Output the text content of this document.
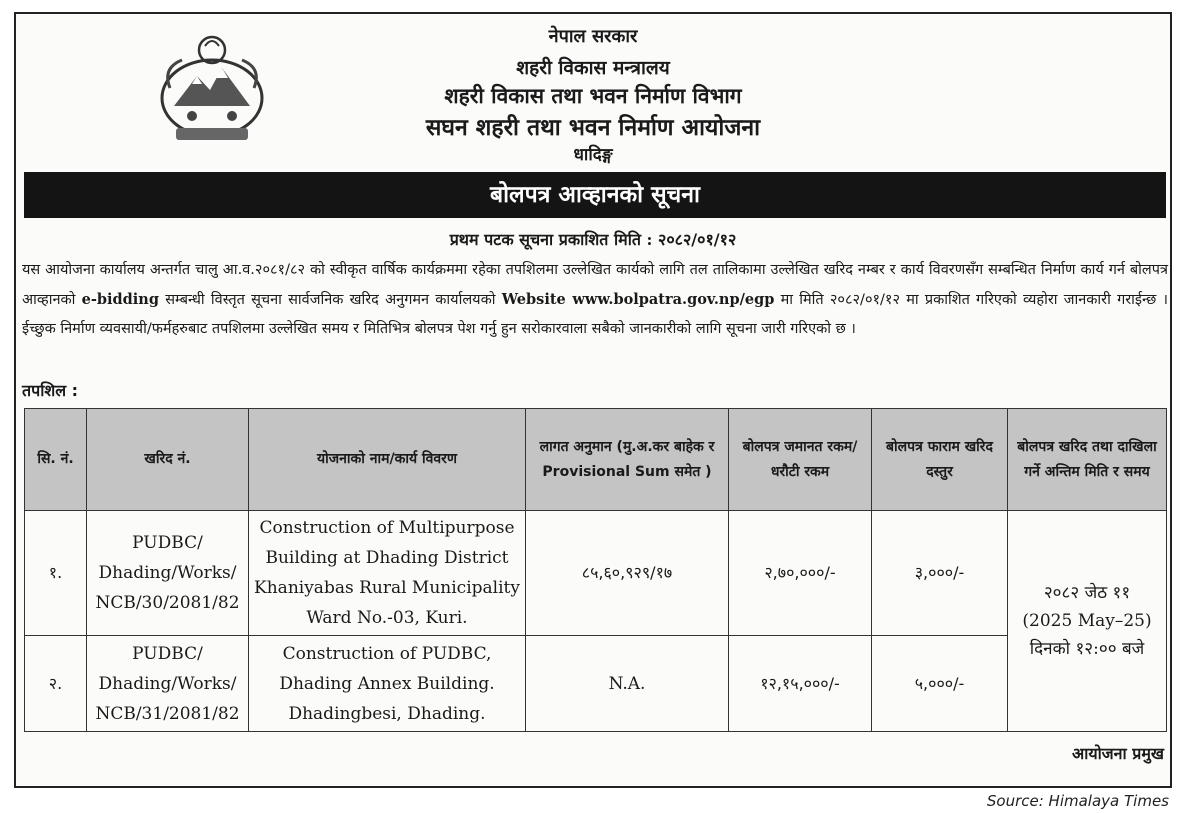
नेपाल सरकार
शहरी विकास मन्त्रालय
शहरी विकास तथा भवन निर्माण विभाग
सघन शहरी तथा भवन निर्माण आयोजना
धादिङ्ग
बोलपत्र आव्हानको सूचना
प्रथम पटक सूचना प्रकाशित मिति : २०८२/०१/१२
यस आयोजना कार्यालय अन्तर्गत चालु आ.व.२०८१/८२ को स्वीकृत वार्षिक कार्यक्रममा रहेका तपशिलमा उल्लेखित कार्यको लागि तल तालिकामा उल्लेखित खरिद नम्बर र कार्य विवरणसँग सम्बन्धित निर्माण कार्य गर्न बोलपत्र आव्हानको e-bidding सम्बन्धी विस्तृत सूचना सार्वजनिक खरिद अनुगमन कार्यालयको Website www.bolpatra.gov.np/egp मा मिति २०८२/०१/१२ मा प्रकाशित गरिएको व्यहोरा जानकारी गराईन्छ । ईच्छुक निर्माण व्यवसायी/फर्महरुबाट तपशिलमा उल्लेखित समय र मितिभित्र बोलपत्र पेश गर्नु हुन सरोकारवाला सबैको जानकारीको लागि सूचना जारी गरिएको छ ।
तपशिल :
सि. नं.	खरिद नं.	योजनाको नाम/कार्य विवरण	लागत अनुमान (मु.अ.कर बाहेक र Provisional Sum समेत )	बोलपत्र जमानत रकम/धरौटी रकम	बोलपत्र फाराम खरिद दस्तुर	बोलपत्र खरिद तथा दाखिला गर्ने अन्तिम मिति र समय
१.	PUDBC/ Dhading/Works/ NCB/30/2081/82	Construction of Multipurpose Building at Dhading District Khaniyabas Rural Municipality Ward No.-03, Kuri.	८५,६०,९२९/१७	२,७०,०००/-	३,०००/-	२०८२ जेठ ११
(2025 May–25)
दिनको १२:०० बजे

२.	PUDBC/ Dhading/Works/ NCB/31/2081/82	Construction of PUDBC, Dhading Annex Building. Dhadingbesi, Dhading.	N.A.	१२,१५,०००/-	५,०००/-	
आयोजना प्रमुख
Source: Himalaya Times
